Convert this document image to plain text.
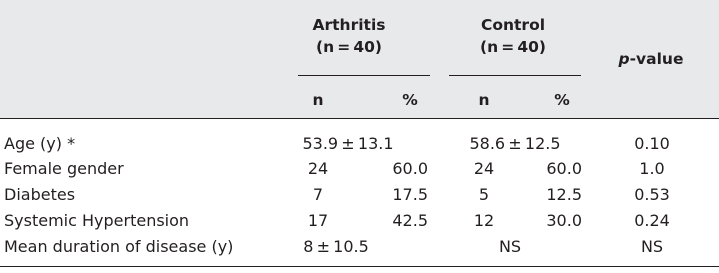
Arthritis
(n = 40)
Control
(n = 40)
p-value
n	%	n	%
Age (y) *	53.9 ± 13.1	58.6 ± 12.5	0.10
Female gender	24	60.0	24	60.0	1.0
Diabetes	7	17.5	5	12.5	0.53
Systemic Hypertension	17	42.5	12	30.0	0.24
Mean duration of disease (y)	8 ± 10.5	NS	NS
